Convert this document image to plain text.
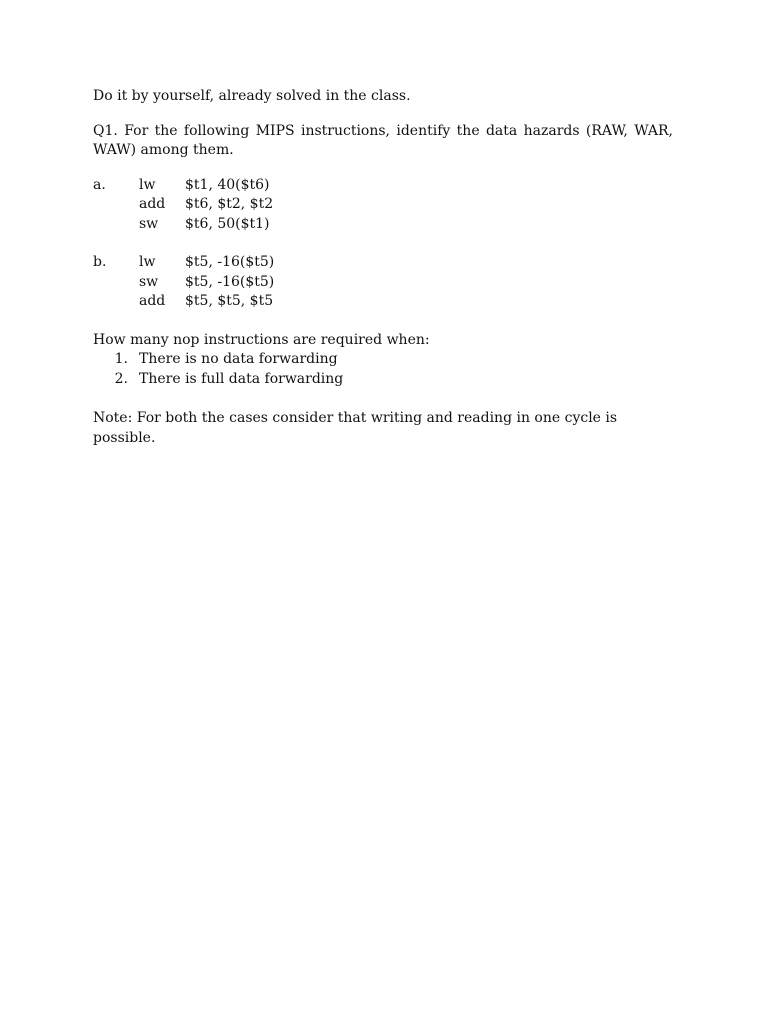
Do it by yourself, already solved in the class.

Q1. For the following MIPS instructions, identify the data hazards (RAW, WAR, WAW) among them.

a.	lw	$t1, 40($t6)
add	$t6, $t2, $t2
sw	$t6, 50($t1)
b.	lw	$t5, -16($t5)
sw	$t5, -16($t5)
add	$t5, $t5, $t5

How many nop instructions are required when:

1. There is no data forwarding
2. There is full data forwarding

Note: For both the cases consider that writing and reading in one cycle is possible.
